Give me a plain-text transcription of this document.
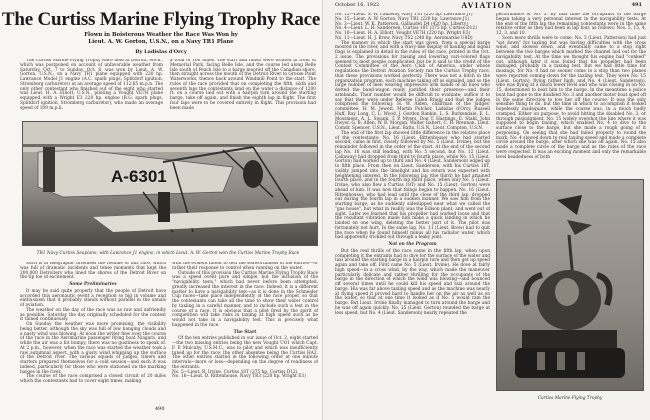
The Curtiss Marine Flying Trophy Race
Flown in Boisterous Weather the Race Was Won by
Lieut. A. W. Gorton, U.S.N., on a Navy TR1 Plane
By Ladislas d'Orcy

The Curtiss Marine Flying Trophy Race held at Detroit, Mich., which was postponed on account of unfavorable weather from Saturday, Oct. 7 to Sunday, Oct. 8, was won by Lieut. A. W. Gorton, U.S.N., on a Navy TR1 plane equipped with 220 hp. Lawrance Model J1 engine (A.C. spark plugs, Splitdorf ignition, Stromberg carburetor) at an average speed of 112.65 m.p.h. The only other contestant who finished out of the eight who started was Lieut. H. A. Elliott, U.S.N., piloting a Vought VE7H plane equipped with a Wright E3 220 hp. engine (B.G. spark plugs, Splitdorf ignition, Stromberg carburetor), who made an average speed of 109 m.p.h.

a total of 160 miles. The start and finish were located in front of Memorial Park, facing Belle Isle, and the course led along Belle Isle south of Peach Isle to a barge moored off the Canadian shore, then straight across the mouth of the Detroit River to Grosse Point Waterworks, thence back around Windmill Point to the start. The rules of the race provided that on completing the fifth, sixth and seventh laps the contestants land on the water a distance of 1200 ft. on a course laid out with a hairpin turn around the starting barge, take off again, and finish the eighth lap in flight. The first four laps were to be covered entirely in flight. This provision had been made

A-6301
TR1 Navy-Curtiss Seaplane, with Lawrance J1 engine, in which Lieut. A. W. Gorton won the Curtiss Marine Trophy Race

Such is in telegraphic briefness the resume of this race, which was full of dramatic incidents and tense moments that kept the 200,000 Detroiters who lined the shores of the Detroit River on the tip toe of excitement.

Some Preliminaries

It may be said quite properly that the people of Detroit have accorded this aeronautic event a reception so big in volume and enthusiasm that it probably stands without parallel in the annals of aviation.

The weather on the day of the race was as raw and unfriendly as possible. Saturday the day originally scheduled for the contest it rained continuously.

On Sunday the weather was more promising, the visibility being better, although the sky was full of low hanging clouds and a nasty wind was blowing. At noon the writer flew over the course of the race in the Aeromarine passenger flying boat Niagara, and while the air was a bit bumpy, there was no gustiness to speak of. At 2 p.m., however, when the race was started the weather took a raw autumnal aspect, with a gusty wind whipping up the surface of the Detroit river. The various squads of judges, timers and starters prepared themselves for a cold session—and such it was indeed, particularly for those who were stationed on the marking barges in the river.

The course of the race comprised a closed circuit of 20 miles which the contestants had to cover eight times, making

with the evident intent to test the seaworthiness of the entries—or rather their response to control when running on the water.

Outside of this provision the Curtiss Marine Flying Trophy Race was a speed event pure and simple, but the inclusion of the "navigability tests," which had never before been attempted, greatly increased the interest in the race. Indeed, it is a different matter to have a navigability test—as it is done in the Schneider Cup races—take place independently of the race proper, so that the contestants can take all the time to show their water control by taxiing in a careful manner, and to include such a test in the course of a race. It is obvious that a pilot fired by the spirit of competition will take risks in taxiing at high speed such as he would not take in a navigability test. This is precisely what happened in the race.

The Start

Of the ten entries published in our issue of Oct. 2, eight started—the two missing entries being the new Vought UO1 which Capt. F. P. Mulcahy, U.S.M.C., was to pilot and which was insufficiently tuned up for the race, the other absentee being the Curtiss HA2. The other entries started in the following order at one minute intervals—more or less—depending on the degree of readiness of the entrants.

No. 5—Lieut. R. Irvine, Curtiss 18T (375 hp. Curtiss D12)
No. 16—Lieut. D. Rittenhouse, Navy TR3 (220 hp. Wright E3)
490
October 16, 1922	AVIATION	491
No. 12—Lieut. S. W. Callaway, Navy TS1 (220 hp. Lawrance J1)
No. 15—Lieut. A. W. Gorton, Navy TR1 (220 hp. Lawrance J1)
No. 3—Lieut. W. K. Patterson, Gallaudet D4 (420 hp. Liberty)
No. 4—Lieut. L. H. Sanderson, Curtiss 18T (375 hp. Curtiss D12)
No. 10—Lieut. H. A. Elliott, Vought VE7H (220 hp. Wright E3)
No. 11—Lieut. H. J. Brow, Navy TS2 (240 hp. Aeromarine U8D)

The manner in which the start was given, from a special barge moored in the river, and with a Navy-like display of hauling and signal flags is explained in detail in the rules of the race, printed in the Oct. 2 issue. The provisions for raising and lowering vari-colored flags seemed to most people complicated, but be it said to the credit of the Contest Committee of the Aero Club of America, under whose regulations the Detroit Aviation Society ran the Curtiss Trophy race, that these provisions worked perfectly. There was not a hitch in the organization program, each machine taking off as signaled, and so the large number of men wearing impressive arm bands of all hues who dotted the band-wagon really justified their presence—and their armbands. Their number would be difficult to evaluate; suffice it to say that they were under Referee Caleb Bragg and that the judges comprised the following: H. W. Alden, chairman of the judges' committee; H. M. Jewett, Martin Pulcher, Ladislas d'Orcy, Russell Huff, Ray Long, C. L. Wood, J. Gordon Rankin, L. S. Burkendale, E. L. Mossment, A. L. Swank, T. P. Myers, Don T. Hastings, E. Stahl, John Dwyer, G. B. Allen, W. B. Morgan, Walter Gabert, C. H. Brennan, Lieut. Comdr. Spencer, U.S.N., Lieut. Batts, U.S.N., Lieut. Compton, U.S.N.

The end of the first lap showed little difference in the relative place of the contestants: No. 16 (Lieut. Rittenhouse) who had started second, came in first, closely followed by No. 5 (Lieut. Irvine), but the remainder followed in the order of the start. At the end of the second lap No. 16 was still leading, with No. 5 second, but No. 12 (Lieut. Callaway) had dropped from third to fourth place, while No. 15 (Lieut. Gorton) had worked up to third and No. 4 (Lieut. Sanderson) edged up to fifth place. From then on Lieut. Sanderson, with his Curtiss 18T, visibly jumped into the limelight and his return was expected with heightening interest. In the following lap (the third) he had attained fourth place, and in the fourth lap third place, when only No. 5 (Lieut. Irvine, who also flew a Curtiss 18T) and No. 15 (Lieut. Gorton) were ahead of him. It was now that things began to happen. No. 16 (Lieut. Rittenhouse), who had lead until the close of the third lap, dropped out during the fourth lap in a sudden manner. We saw him from the starting barge, as he suddenly sideslipped near what we called the "gas house", but what in reality was the Edison plant, and went out of sight. Later we learned that his propeller had worked loose and that the resultant vibration made him make a quick landing in which he landed on one wing, deleting the better part of it. The pilot was fortunately not hurt. In the same lap, No. 11 (Lieut. Brow) had to quit the race when he found himself minus all his radiator water, which had apparently trickled out through a leaky joint.

Not on the Program

But the real thrills of the race came in the fifth lap, when upon completing it the entrants had to dive for the surface of the water and taxi around the starting barge in a hairpin turn and then get up speed again and take off. First came No. 5 (Lieut. Irvine). He dove at fairly high speed—in a cross wind, by the way, which made the maneuver particularly delicate and rather thrilling for the occupants of the barge in the direction of which the wind was blowing—and bounced off several times until he could kill his speed and taxi around the barge. His was far above taxiing speed and as the machine was nearly at flying speed it proved hard to handle her on the air as well as on the water, so that at one time it looked as if No. 5 would ram the barge. But Lieut. Irvine finally managed to turn around the barge and he was off again quickly. No. 15 (Lieut. Gorton) rounded the barge at less speed, but No. 4 (Lieut. Sanderson) nearly repeated the

performance of No. 5. By that time the occupants of the barge began taking a very personal interest in the navigability tests. At the end of the fifth lap the remaining contestants were in the same relative order as they had been in lap four, as follows: Nos. 5, 15, 4, 12, 3, and 10.

Soon more thrills were to come. No. 3 (Lieut. Patterson) had just "sat down" for taxiing but was having difficulties with the cross wind, and slowed down, and eventually came to a stop right between the two barges which marked the channel laid out for the navigability test. At the time we thought his engine had "conked" out, although later it was found that his propeller had been damaged, probably in a taxiing test. But we had little time for musings, for No. 4 had no sooner come to a stop than two planes were reported coming down for the taxiing test. They were No. 15 (Lieut. Gorton), flying rather high, and No. 4 (Lieut. Sanderson), who was flying at a much lower level and who was closing in on No. 15, determined to beat him to the barge. In the meantime a police boat had gone to the disabled No. 3 and another motor boat sped off in the same direction to tow her off the course. It was the only sensible thing to do, but the time in which to accomplish it looked hopelessly inadequate, while the course was, in a much badly cramped. Either on purpose, to avoid hitting the disabled No. 3, or through misjudgment, No. 15 widely overshot the line where it was supposed to begin taxiing, which enabled No. 4 to dive to the surface close to the barge, but she made a rough going of it porpoising. On seeing that she had failed properly to round the mark, No. 4 slowed down to real taxiing speed and made a complete circle around the barge, after which she was off again. No. 15 also made a complete circle of the barge and as the rules of the race were respected. It was an exciting moment and only the remarkable level headedness of both

Curtiss Marine Flying Trophy
